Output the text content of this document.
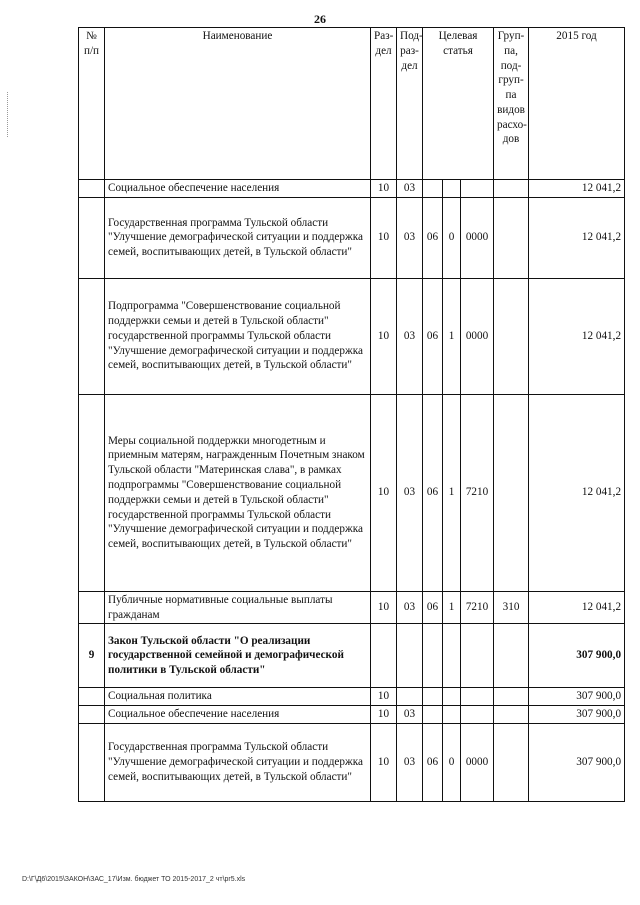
26
№ п/п	Наименование	Раз-дел	Под-раз-дел	Целевая статья			Груп-па, под-груп-па видов расхо-дов	2015 год
	Социальное обеспечение населения	10	03					12 041,2
	Государственная программа Тульской области "Улучшение демографической ситуации и поддержка семей, воспитывающих детей, в Тульской области"	10	03	06	0	0000		12 041,2
	Подпрограмма "Совершенствование социальной поддержки семьи и детей в Тульской области" государственной программы Тульской области "Улучшение демографической ситуации и поддержка семей, воспитывающих детей, в Тульской области"	10	03	06	1	0000		12 041,2
	Меры социальной поддержки многодетным и приемным матерям, награжденным Почетным знаком Тульской области "Материнская слава", в рамках подпрограммы "Совершенствование социальной поддержки семьи и детей в Тульской области" государственной программы Тульской области "Улучшение демографической ситуации и поддержка семей, воспитывающих детей, в Тульской области"	10	03	06	1	7210		12 041,2
	Публичные нормативные социальные выплаты гражданам	10	03	06	1	7210	310	12 041,2
9	Закон Тульской области "О реализации государственной семейной и демографической политики в Тульской области"							307 900,0
	Социальная политика	10						307 900,0
	Социальное обеспечение населения	10	03					307 900,0
	Государственная программа Тульской области "Улучшение демографической ситуации и поддержка семей, воспитывающих детей, в Тульской области"	10	03	06	0	0000		307 900,0
D:\Г\Д6\2015\ЗАКОН\ЗАС_17\Изм. бюджет ТО 2015-2017_2 чт\pr5.xls
